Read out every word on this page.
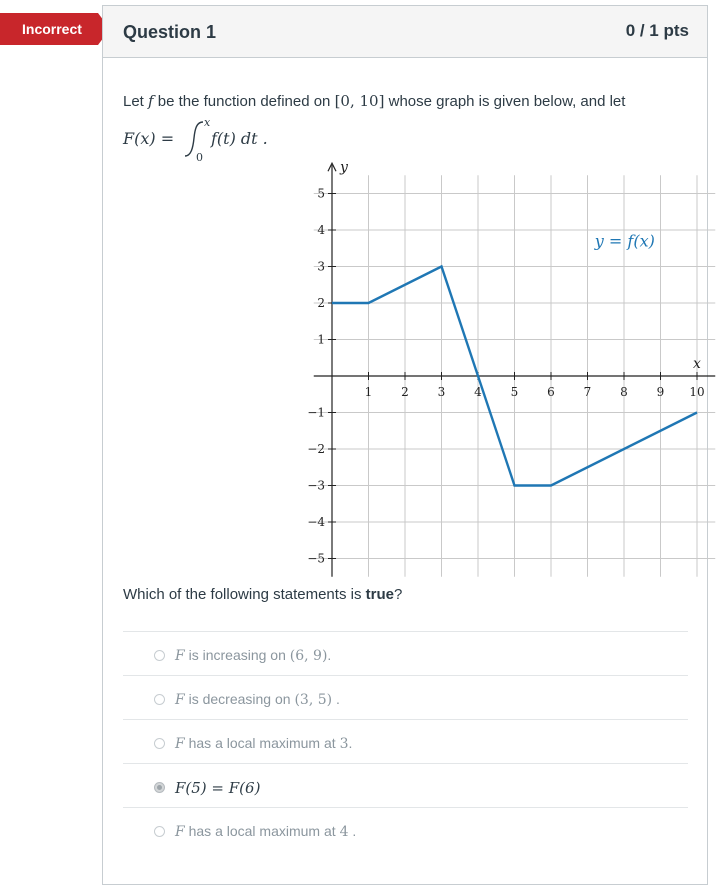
Incorrect	Question 1	0 / 1 pts
Let f be the function defined on [0, 10] whose graph is given below, and let
F(x) =
x
0
f(t) dt .
1 2 3 4 5 6 7 8 9 10
5
4
3
2
1
−1
−2
−3
−4
−5
y
x
y = f(x)
Which of the following statements is true?
F is increasing on (6, 9).
F is decreasing on (3, 5) .
F has a local maximum at 3.
F(5) = F(6)
F has a local maximum at 4 .
